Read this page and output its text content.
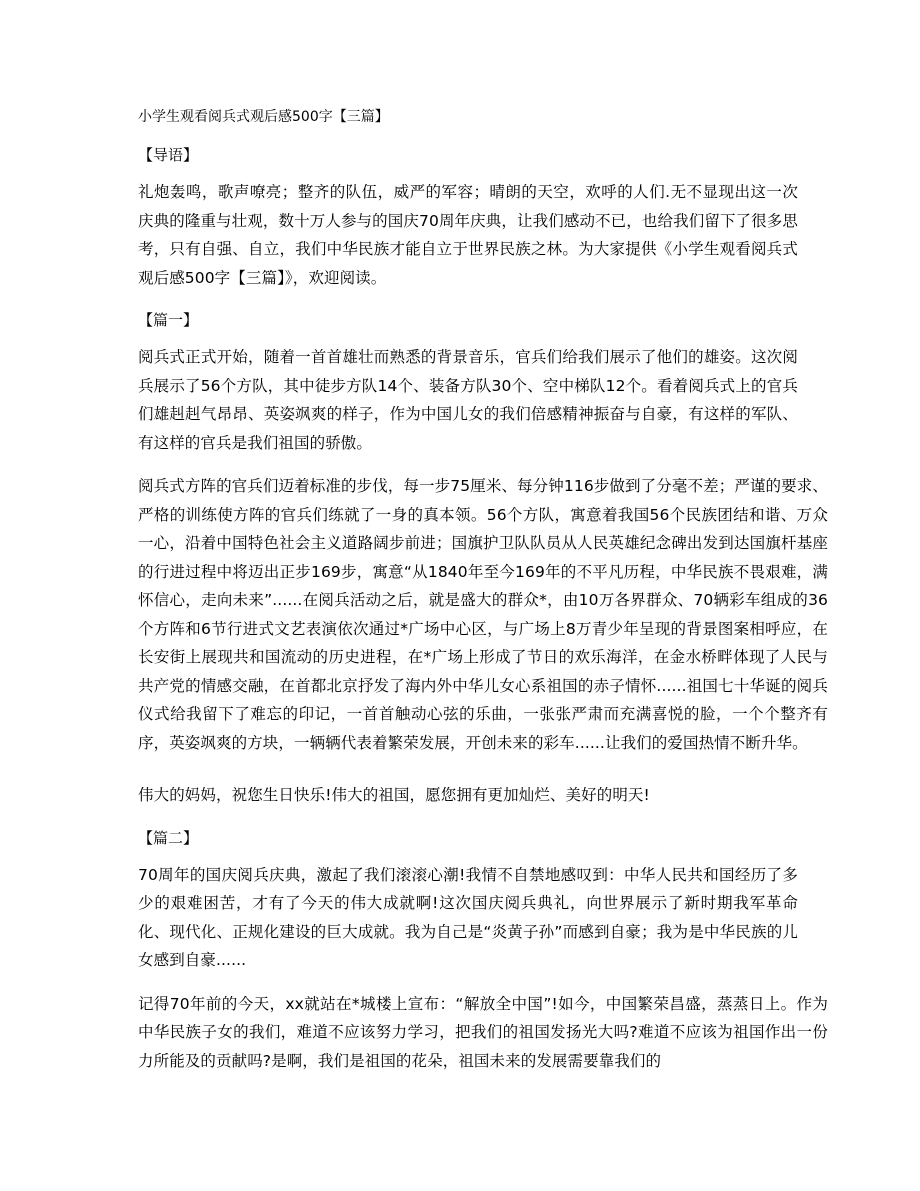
小学生观看阅兵式观后感500字【三篇】
【导语】

礼炮轰鸣，歌声嘹亮；整齐的队伍，威严的军容；晴朗的天空，欢呼的人们.无不显现出这一次庆典的隆重与壮观，数十万人参与的国庆70周年庆典，让我们感动不已，也给我们留下了很多思考，只有自强、自立，我们中华民族才能自立于世界民族之林。为大家提供《小学生观看阅兵式观后感500字【三篇】》，欢迎阅读。

【篇一】

阅兵式正式开始，随着一首首雄壮而熟悉的背景音乐，官兵们给我们展示了他们的雄姿。这次阅兵展示了56个方队，其中徒步方队14个、装备方队30个、空中梯队12个。看着阅兵式上的官兵们雄赳赳气昂昂、英姿飒爽的样子，作为中国儿女的我们倍感精神振奋与自豪，有这样的军队、有这样的官兵是我们祖国的骄傲。

阅兵式方阵的官兵们迈着标准的步伐，每一步75厘米、每分钟116步做到了分毫不差；严谨的要求、严格的训练使方阵的官兵们练就了一身的真本领。56个方队，寓意着我国56个民族团结和谐、万众一心，沿着中国特色社会主义道路阔步前进；国旗护卫队队员从人民英雄纪念碑出发到达国旗杆基座的行进过程中将迈出正步169步，寓意“从1840年至今169年的不平凡历程，中华民族不畏艰难，满怀信心，走向未来”......在阅兵活动之后，就是盛大的群众*，由10万各界群众、70辆彩车组成的36个方阵和6节行进式文艺表演依次通过*广场中心区，与广场上8万青少年呈现的背景图案相呼应，在长安街上展现共和国流动的历史进程，在*广场上形成了节日的欢乐海洋，在金水桥畔体现了人民与共产党的情感交融，在首都北京抒发了海内外中华儿女心系祖国的赤子情怀......祖国七十华诞的阅兵仪式给我留下了难忘的印记，一首首触动心弦的乐曲，一张张严肃而充满喜悦的脸，一个个整齐有序，英姿飒爽的方块，一辆辆代表着繁荣发展，开创未来的彩车......让我们的爱国热情不断升华。

伟大的妈妈，祝您生日快乐!伟大的祖国，愿您拥有更加灿烂、美好的明天!

【篇二】

70周年的国庆阅兵庆典，激起了我们滚滚心潮!我情不自禁地感叹到：中华人民共和国经历了多少的艰难困苦，才有了今天的伟大成就啊!这次国庆阅兵典礼，向世界展示了新时期我军革命化、现代化、正规化建设的巨大成就。我为自己是“炎黄子孙”而感到自豪；我为是中华民族的儿女感到自豪......

记得70年前的今天，xx就站在*城楼上宣布：“解放全中国”!如今，中国繁荣昌盛，蒸蒸日上。作为中华民族子女的我们，难道不应该努力学习，把我们的祖国发扬光大吗?难道不应该为祖国作出一份力所能及的贡献吗?是啊，我们是祖国的花朵，祖国未来的发展需要靠我们的
